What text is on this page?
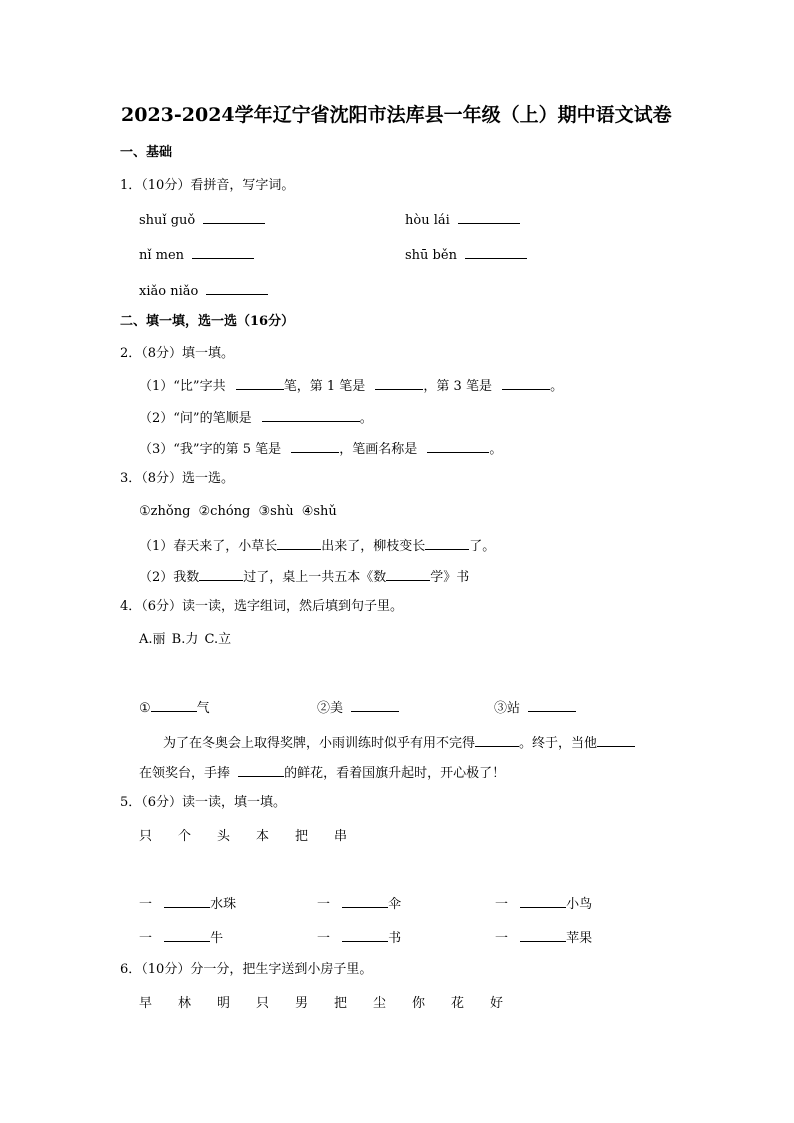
2023-2024学年辽宁省沈阳市法库县一年级（上）期中语文试卷
一、基础
1．（10分）看拼音，写字词。
shuǐ guǒ	hòu lái
nǐ men	shū běn
xiǎo niǎo
二、填一填，选一选（16分）
2．（8分）填一填。
（1）“比”字共	笔，第 1 笔是	，第 3 笔是	。
（2）“问”的笔顺是	。
（3）“我”字的第 5 笔是	，笔画名称是	。
3．（8分）选一选。
①zhǒng ②chóng ③shù ④shǔ
（1）春天来了，小草长	出来了，柳枝变长	了。
（2）我数	过了，桌上一共五本《数	学》书
4．（6分）读一读，选字组词，然后填到句子里。
A.丽 B.力 C.立
①	气	②美	③站
为了在冬奥会上取得奖牌，小雨训练时似乎有用不完得	。终于，当他
在领奖台，手捧	的鲜花，看着国旗升起时，开心极了！
5．（6分）读一读，填一填。
只 个 头 本 把 串
一	水珠	一	伞	一	小鸟
一	牛	一	书	一	苹果
6．（10分）分一分，把生字送到小房子里。
早 林 明 只 男 把 尘 你 花 好
